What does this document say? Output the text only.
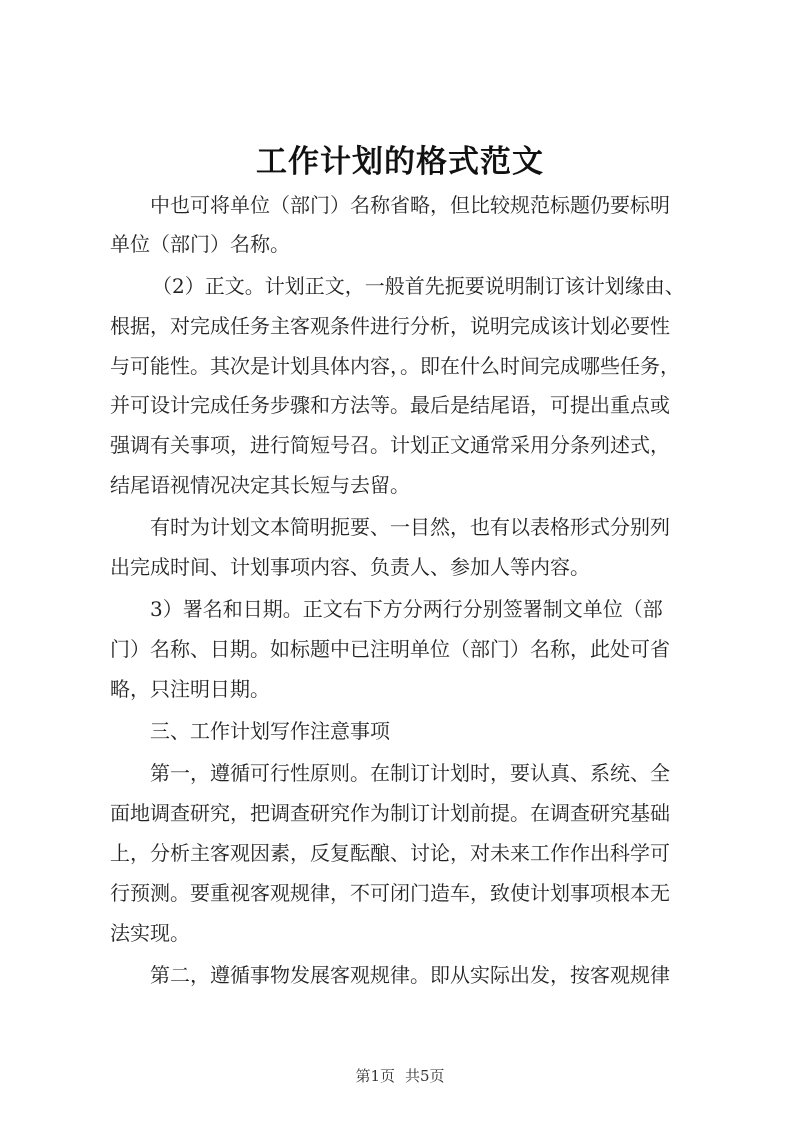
工作计划的格式范文
中也可将单位（部门）名称省略，但比较规范标题仍要标明
单位（部门）名称。
（2）正文。计划正文，一般首先扼要说明制订该计划缘由、
根据，对完成任务主客观条件进行分析，说明完成该计划必要性
与可能性。其次是计划具体内容，。即在什么时间完成哪些任务，
并可设计完成任务步骤和方法等。最后是结尾语，可提出重点或
强调有关事项，进行简短号召。计划正文通常采用分条列述式，
结尾语视情况决定其长短与去留。
有时为计划文本简明扼要、一目然，也有以表格形式分别列
出完成时间、计划事项内容、负责人、参加人等内容。
3）署名和日期。正文右下方分两行分别签署制文单位（部
门）名称、日期。如标题中已注明单位（部门）名称，此处可省
略，只注明日期。
三、工作计划写作注意事项
第一，遵循可行性原则。在制订计划时，要认真、系统、全
面地调查研究，把调查研究作为制订计划前提。在调查研究基础
上，分析主客观因素，反复酝酿、讨论，对未来工作作出科学可
行预测。要重视客观规律，不可闭门造车，致使计划事项根本无
法实现。
第二，遵循事物发展客观规律。即从实际出发，按客观规律
第1页 共5页
